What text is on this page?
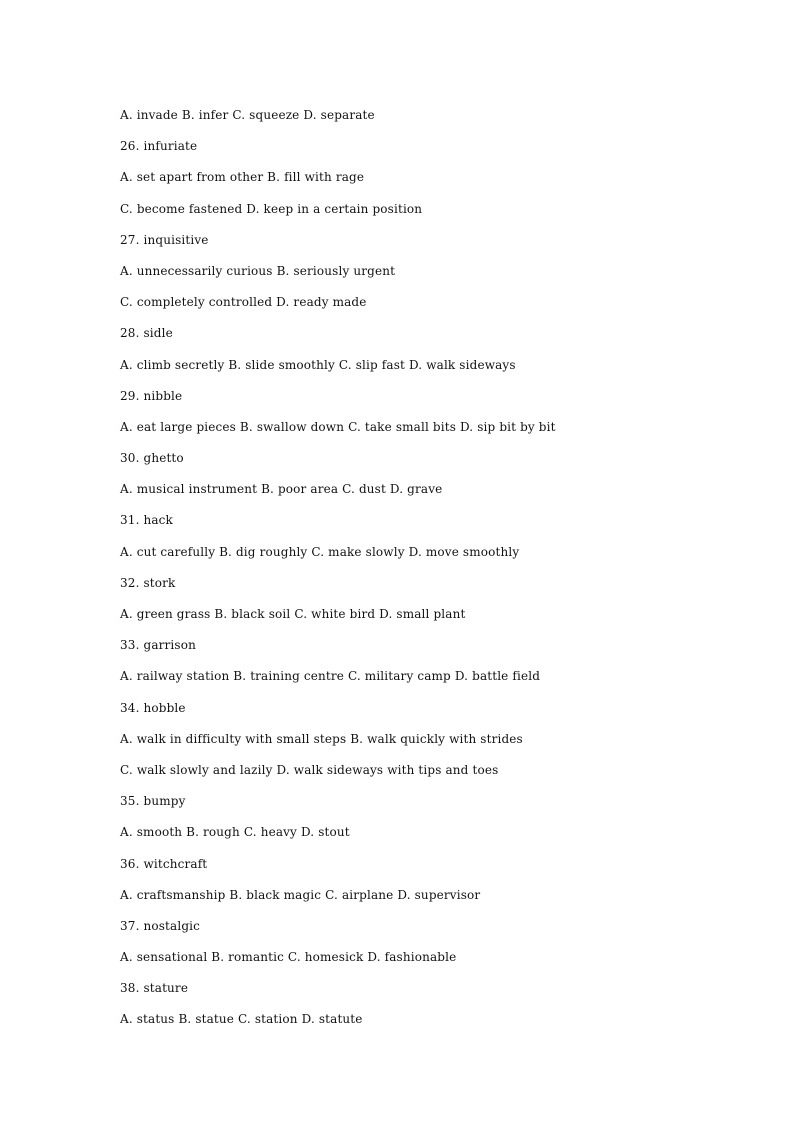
A. invade B. infer C. squeeze D. separate
26. infuriate
A. set apart from other B. fill with rage
C. become fastened D. keep in a certain position
27. inquisitive
A. unnecessarily curious B. seriously urgent
C. completely controlled D. ready made
28. sidle
A. climb secretly B. slide smoothly C. slip fast D. walk sideways
29. nibble
A. eat large pieces B. swallow down C. take small bits D. sip bit by bit
30. ghetto
A. musical instrument B. poor area C. dust D. grave
31. hack
A. cut carefully B. dig roughly C. make slowly D. move smoothly
32. stork
A. green grass B. black soil C. white bird D. small plant
33. garrison
A. railway station B. training centre C. military camp D. battle field
34. hobble
A. walk in difficulty with small steps B. walk quickly with strides
C. walk slowly and lazily D. walk sideways with tips and toes
35. bumpy
A. smooth B. rough C. heavy D. stout
36. witchcraft
A. craftsmanship B. black magic C. airplane D. supervisor
37. nostalgic
A. sensational B. romantic C. homesick D. fashionable
38. stature
A. status B. statue C. station D. statute
